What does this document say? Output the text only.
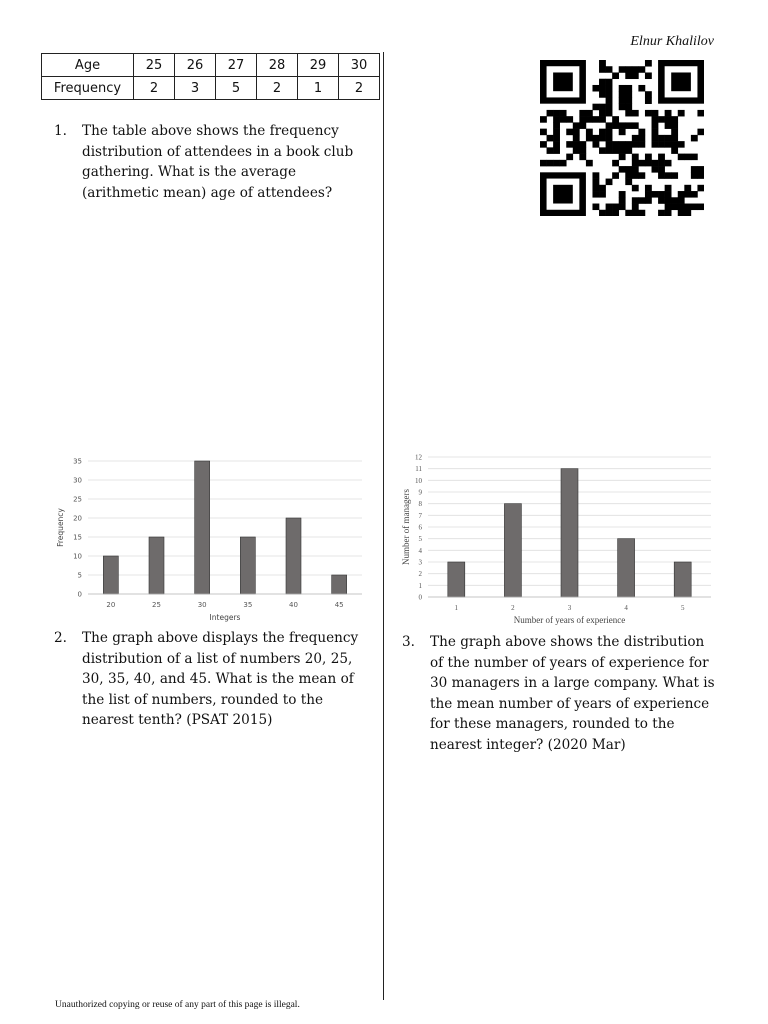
Elnur Khalilov
Age	25	26	27	28	29	30
Frequency	2	3	5	2	1	2
1. The table above shows the frequency distribution of attendees in a book club gathering. What is the average (arithmetic mean) age of attendees?
0
5
10
15
20
25
30
35
20	25	30	35	40	45
Integers
Frequency
2. The graph above displays the frequency distribution of a list of numbers 20, 25, 30, 35, 40, and 45. What is the mean of the list of numbers, rounded to the nearest tenth? (PSAT 2015)
0
1
2
3
4
5
6
7
8
9
10
11
12
1	2	3	4	5
Number of years of experience
Number of managers
3. The graph above shows the distribution of the number of years of experience for 30 managers in a large company. What is the mean number of years of experience for these managers, rounded to the nearest integer? (2020 Mar)
Unauthorized copying or reuse of any part of this page is illegal.
